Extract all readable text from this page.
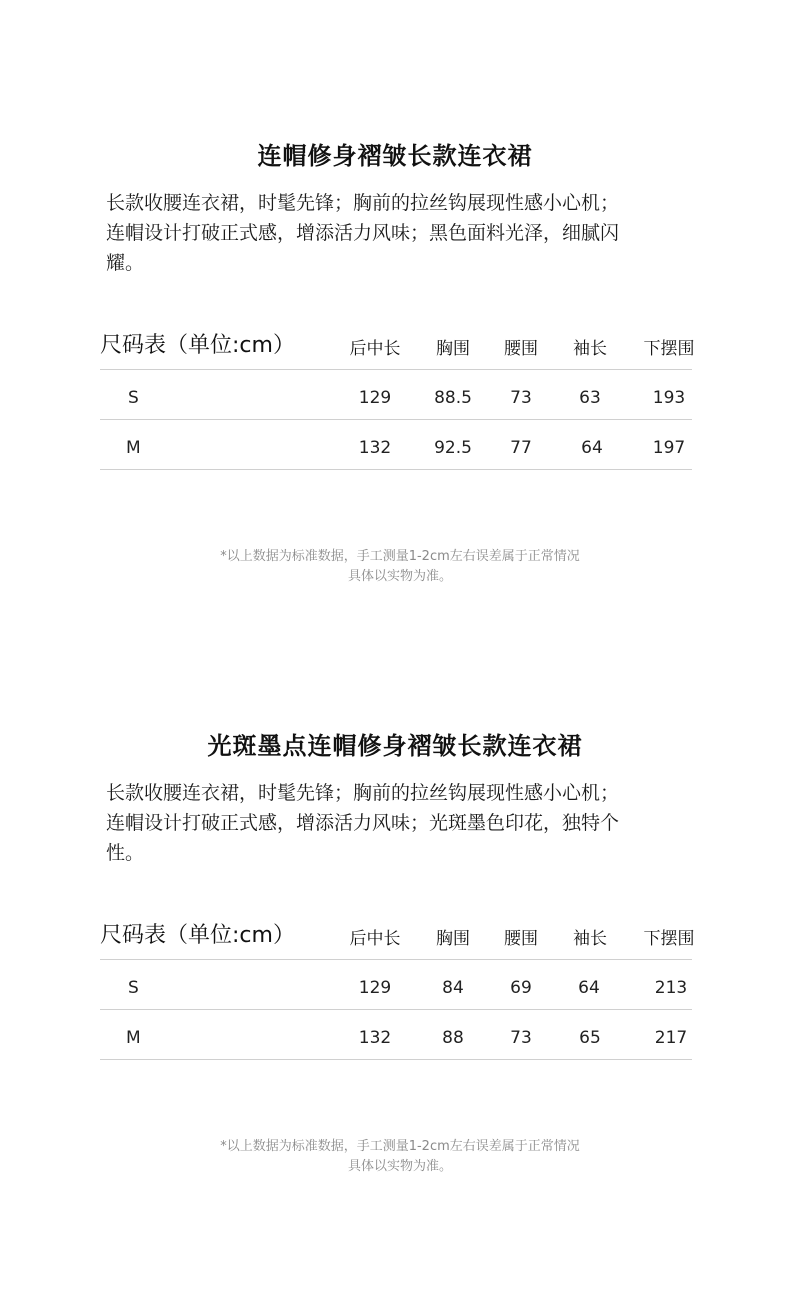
连帽修身褶皱长款连衣裙
长款收腰连衣裙，时髦先锋；胸前的拉丝钩展现性感小心机；
连帽设计打破正式感，增添活力风味；黑色面料光泽，细腻闪
耀。
尺码表（单位:cm）	后中长	胸围	腰围	袖长	下摆围
S	129	88.5	73	63	193
M	132	92.5	77	64	197
*以上数据为标准数据，手工测量1-2cm左右误差属于正常情况
具体以实物为准。
光斑墨点连帽修身褶皱长款连衣裙
长款收腰连衣裙，时髦先锋；胸前的拉丝钩展现性感小心机；
连帽设计打破正式感，增添活力风味；光斑墨色印花，独特个
性。
尺码表（单位:cm）	后中长	胸围	腰围	袖长	下摆围
S	129	84	69	64	213
M	132	88	73	65	217
*以上数据为标准数据，手工测量1-2cm左右误差属于正常情况
具体以实物为准。
